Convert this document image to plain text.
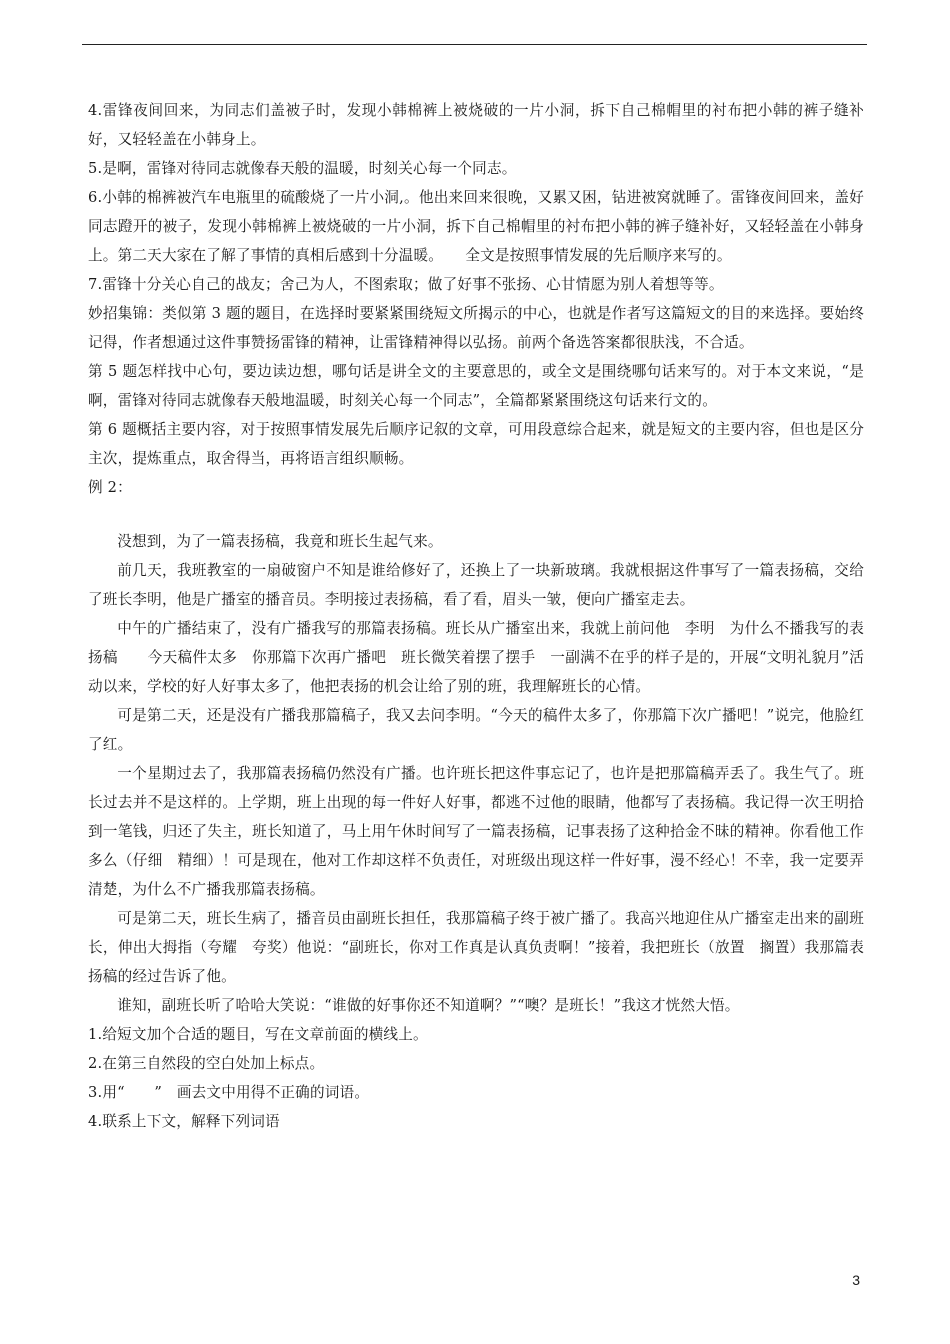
4.雷锋夜间回来，为同志们盖被子时，发现小韩棉裤上被烧破的一片小洞，拆下自己棉帽里的衬布把小韩的裤子缝补好，又轻轻盖在小韩身上。

5.是啊，雷锋对待同志就像春天般的温暖，时刻关心每一个同志。

6.小韩的棉裤被汽车电瓶里的硫酸烧了一片小洞,。他出来回来很晚，又累又困，钻进被窝就睡了。雷锋夜间回来，盖好同志蹬开的被子，发现小韩棉裤上被烧破的一片小洞，拆下自己棉帽里的衬布把小韩的裤子缝补好，又轻轻盖在小韩身上。第二天大家在了解了事情的真相后感到十分温暖。　　全文是按照事情发展的先后顺序来写的。

7.雷锋十分关心自己的战友；舍己为人，不图索取；做了好事不张扬、心甘情愿为别人着想等等。

妙招集锦：类似第 3 题的题目，在选择时要紧紧围绕短文所揭示的中心，也就是作者写这篇短文的目的来选择。要始终记得，作者想通过这件事赞扬雷锋的精神，让雷锋精神得以弘扬。前两个备选答案都很肤浅，不合适。

第 5 题怎样找中心句，要边读边想，哪句话是讲全文的主要意思的，或全文是围绕哪句话来写的。对于本文来说，“是啊，雷锋对待同志就像春天般地温暖，时刻关心每一个同志”，全篇都紧紧围绕这句话来行文的。

第 6 题概括主要内容，对于按照事情发展先后顺序记叙的文章，可用段意综合起来，就是短文的主要内容，但也是区分主次，提炼重点，取舍得当，再将语言组织顺畅。

例 2：

没想到，为了一篇表扬稿，我竟和班长生起气来。

前几天，我班教室的一扇破窗户不知是谁给修好了，还换上了一块新玻璃。我就根据这件事写了一篇表扬稿，交给了班长李明，他是广播室的播音员。李明接过表扬稿，看了看，眉头一皱，便向广播室走去。

中午的广播结束了，没有广播我写的那篇表扬稿。班长从广播室出来，我就上前问他　李明　为什么不播我写的表扬稿　　今天稿件太多　你那篇下次再广播吧　班长微笑着摆了摆手　一副满不在乎的样子是的，开展“文明礼貌月”活动以来，学校的好人好事太多了，他把表扬的机会让给了别的班，我理解班长的心情。

可是第二天，还是没有广播我那篇稿子，我又去问李明。“今天的稿件太多了，你那篇下次广播吧！”说完，他脸红了红。

一个星期过去了，我那篇表扬稿仍然没有广播。也许班长把这件事忘记了，也许是把那篇稿弄丢了。我生气了。班长过去并不是这样的。上学期，班上出现的每一件好人好事，都逃不过他的眼睛，他都写了表扬稿。我记得一次王明拾到一笔钱，归还了失主，班长知道了，马上用午休时间写了一篇表扬稿，记事表扬了这种拾金不昧的精神。你看他工作多么（仔细　精细）！可是现在，他对工作却这样不负责任，对班级出现这样一件好事，漫不经心！不幸，我一定要弄清楚，为什么不广播我那篇表扬稿。

可是第二天，班长生病了，播音员由副班长担任，我那篇稿子终于被广播了。我高兴地迎住从广播室走出来的副班长，伸出大拇指（夸耀　夸奖）他说：“副班长，你对工作真是认真负责啊！”接着，我把班长（放置　搁置）我那篇表扬稿的经过告诉了他。

谁知，副班长听了哈哈大笑说：“谁做的好事你还不知道啊？”“噢？是班长！”我这才恍然大悟。

1.给短文加个合适的题目，写在文章前面的横线上。

2.在第三自然段的空白处加上标点。

3.用“　　”　画去文中用得不正确的词语。

4.联系上下文，解释下列词语

3
